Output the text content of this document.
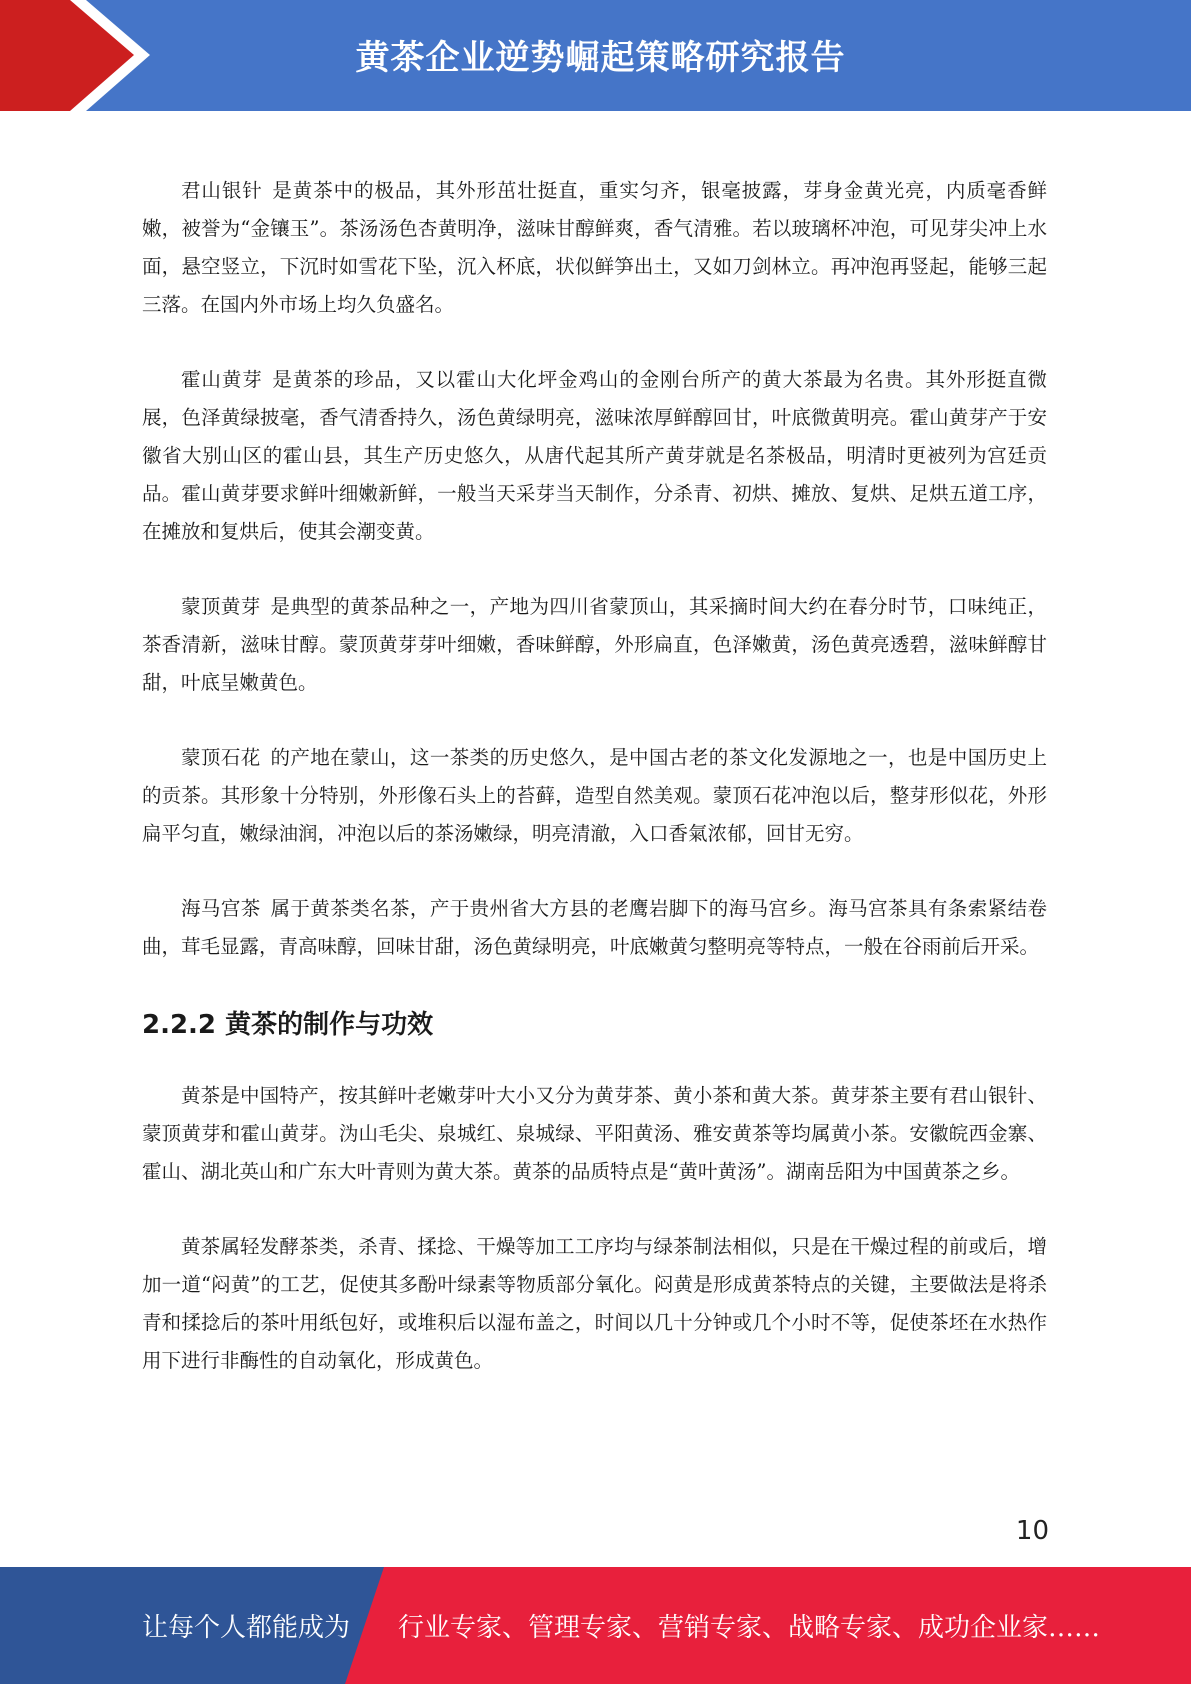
黄茶企业逆势崛起策略研究报告

君山银针 是黄茶中的极品，其外形茁壮挺直，重实匀齐，银毫披露，芽身金黄光亮，内质毫香鲜嫩，被誉为“金镶玉”。茶汤汤色杏黄明净，滋味甘醇鲜爽，香气清雅。若以玻璃杯冲泡，可见芽尖冲上水面，悬空竖立，下沉时如雪花下坠，沉入杯底，状似鲜笋出土，又如刀剑林立。再冲泡再竖起，能够三起三落。在国内外市场上均久负盛名。

霍山黄芽 是黄茶的珍品，又以霍山大化坪金鸡山的金刚台所产的黄大茶最为名贵。其外形挺直微展，色泽黄绿披毫，香气清香持久，汤色黄绿明亮，滋味浓厚鲜醇回甘，叶底微黄明亮。霍山黄芽产于安徽省大别山区的霍山县，其生产历史悠久，从唐代起其所产黄芽就是名茶极品，明清时更被列为宫廷贡品。霍山黄芽要求鲜叶细嫩新鲜，一般当天采芽当天制作，分杀青、初烘、摊放、复烘、足烘五道工序，在摊放和复烘后，使其会潮变黄。

蒙顶黄芽 是典型的黄茶品种之一，产地为四川省蒙顶山，其采摘时间大约在春分时节，口味纯正，茶香清新，滋味甘醇。蒙顶黄芽芽叶细嫩，香味鲜醇，外形扁直，色泽嫩黄，汤色黄亮透碧，滋味鲜醇甘甜，叶底呈嫩黄色。

蒙顶石花 的产地在蒙山，这一茶类的历史悠久，是中国古老的茶文化发源地之一，也是中国历史上的贡茶。其形象十分特别，外形像石头上的苔藓，造型自然美观。蒙顶石花冲泡以后，整芽形似花，外形扁平匀直，嫩绿油润，冲泡以后的茶汤嫩绿，明亮清澈，入口香氣浓郁，回甘无穷。

海马宫茶 属于黄茶类名茶，产于贵州省大方县的老鹰岩脚下的海马宫乡。海马宫茶具有条索紧结卷曲，茸毛显露，青高味醇，回味甘甜，汤色黄绿明亮，叶底嫩黄匀整明亮等特点，一般在谷雨前后开采。

2.2.2 黄茶的制作与功效

黄茶是中国特产，按其鲜叶老嫩芽叶大小又分为黄芽茶、黄小茶和黄大茶。黄芽茶主要有君山银针、蒙顶黄芽和霍山黄芽。沩山毛尖、泉城红、泉城绿、平阳黄汤、雅安黄茶等均属黄小茶。安徽皖西金寨、霍山、湖北英山和广东大叶青则为黄大茶。黄茶的品质特点是“黄叶黄汤”。湖南岳阳为中国黄茶之乡。

黄茶属轻发酵茶类，杀青、揉捻、干燥等加工工序均与绿茶制法相似，只是在干燥过程的前或后，增加一道“闷黄”的工艺，促使其多酚叶绿素等物质部分氧化。闷黄是形成黄茶特点的关键，主要做法是将杀青和揉捻后的茶叶用纸包好，或堆积后以湿布盖之，时间以几十分钟或几个小时不等，促使茶坯在水热作用下进行非酶性的自动氧化，形成黄色。

10
让每个人都能成为 行业专家、管理专家、营销专家、战略专家、成功企业家……
